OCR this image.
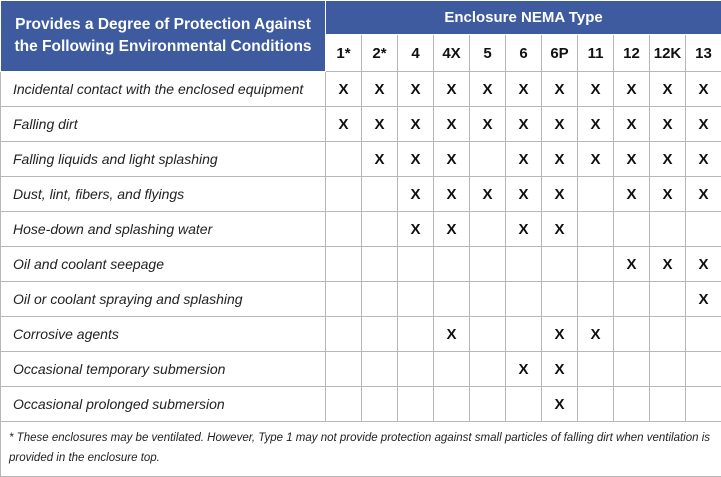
Provides a Degree of Protection Against the Following Environmental Conditions	Enclosure NEMA Type										
	1*	2*	4	4X	5	6	6P	11	12	12K	13
Incidental contact with the enclosed equipment	X	X	X	X	X	X	X	X	X	X	X
Falling dirt	X	X	X	X	X	X	X	X	X	X	X
Falling liquids and light splashing		X	X	X		X	X	X	X	X	X
Dust, lint, fibers, and flyings			X	X	X	X	X		X	X	X
Hose-down and splashing water			X	X		X	X				
Oil and coolant seepage									X	X	X
Oil or coolant spraying and splashing											X
Corrosive agents				X			X	X			
Occasional temporary submersion						X	X				
Occasional prolonged submersion							X				
* These enclosures may be ventilated. However, Type 1 may not provide protection against small particles of falling dirt when ventilation is provided in the enclosure top.											
